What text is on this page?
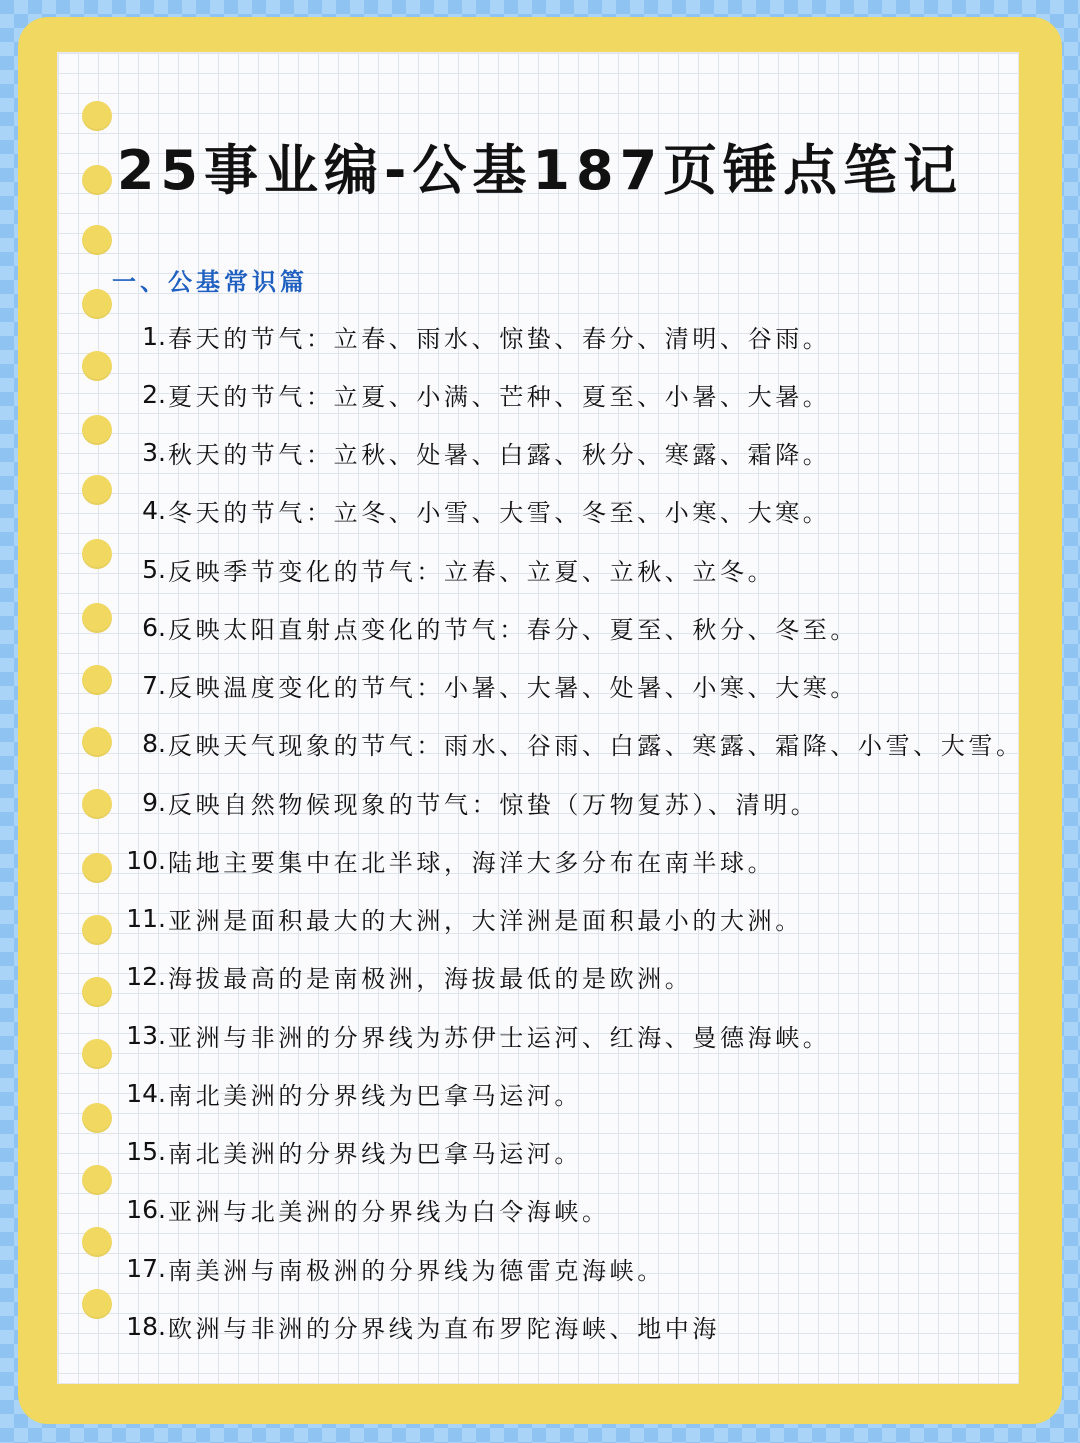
25事业编-公基187页锤点笔记
一、公基常识篇
1. 春天的节气：立春、雨水、惊蛰、春分、清明、谷雨。
2. 夏天的节气：立夏、小满、芒种、夏至、小暑、大暑。
3. 秋天的节气：立秋、处暑、白露、秋分、寒露、霜降。
4. 冬天的节气：立冬、小雪、大雪、冬至、小寒、大寒。
5. 反映季节变化的节气：立春、立夏、立秋、立冬。
6. 反映太阳直射点变化的节气：春分、夏至、秋分、冬至。
7. 反映温度变化的节气：小暑、大暑、处暑、小寒、大寒。
8. 反映天气现象的节气：雨水、谷雨、白露、寒露、霜降、小雪、大雪。
9. 反映自然物候现象的节气：惊蛰（万物复苏）、清明。
10. 陆地主要集中在北半球，海洋大多分布在南半球。
11. 亚洲是面积最大的大洲，大洋洲是面积最小的大洲。
12. 海拔最高的是南极洲，海拔最低的是欧洲。
13. 亚洲与非洲的分界线为苏伊士运河、红海、曼德海峡。
14. 南北美洲的分界线为巴拿马运河。
15. 南北美洲的分界线为巴拿马运河。
16. 亚洲与北美洲的分界线为白令海峡。
17. 南美洲与南极洲的分界线为德雷克海峡。
18. 欧洲与非洲的分界线为直布罗陀海峡、地中海
